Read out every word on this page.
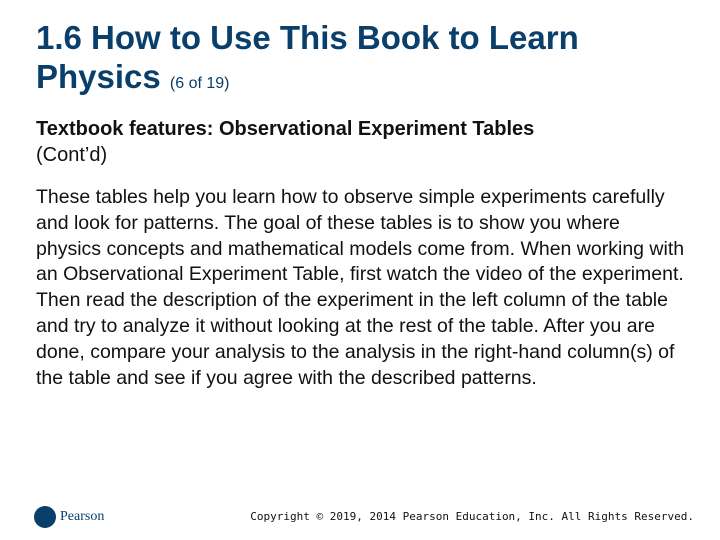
1.6 How to Use This Book to Learn Physics (6 of 19)

Textbook features: Observational Experiment Tables
(Cont’d)

These tables help you learn how to observe simple experiments carefully and look for patterns. The goal of these tables is to show you where physics concepts and mathematical models come from. When working with an Observational Experiment Table, first watch the video of the experiment. Then read the description of the experiment in the left column of the table and try to analyze it without looking at the rest of the table. After you are done, compare your analysis to the analysis in the right-hand column(s) of the table and see if you agree with the described patterns.

Pearson	Copyright © 2019, 2014 Pearson Education, Inc. All Rights Reserved.
